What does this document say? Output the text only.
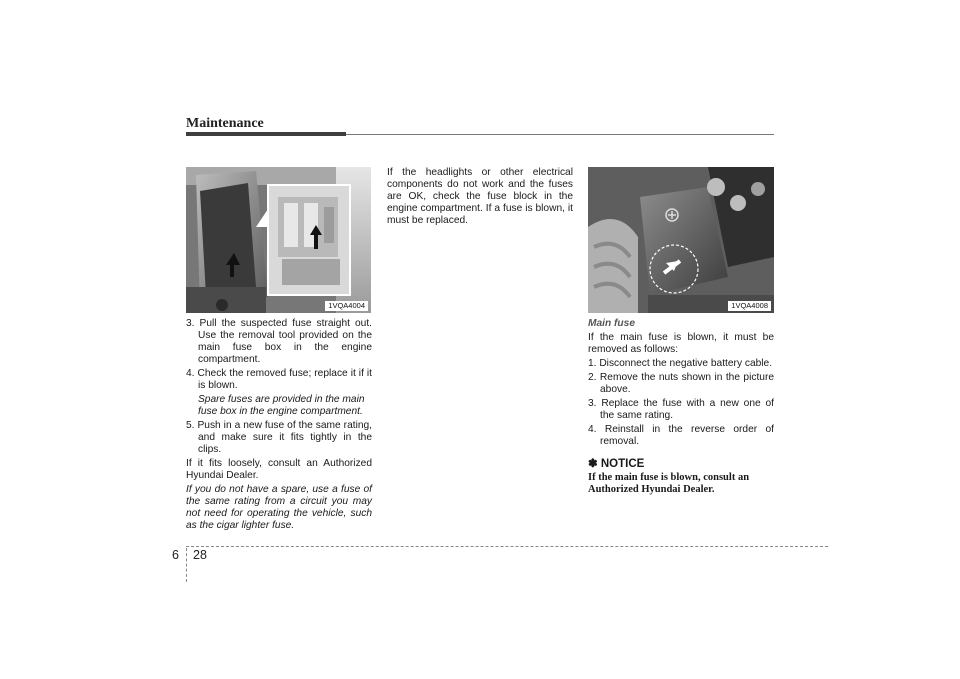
Maintenance
1VQA4004	1VQA4008

3. Pull the suspected fuse straight out. Use the removal tool provided on the main fuse box in the engine compartment.

4. Check the removed fuse; replace it if it is blown.

Spare fuses are provided in the main fuse box in the engine compartment.

5. Push in a new fuse of the same rating, and make sure it fits tightly in the clips.

If it fits loosely, consult an Authorized Hyundai Dealer.

If you do not have a spare, use a fuse of the same rating from a circuit you may not need for operating the vehicle, such as the cigar lighter fuse.

If the headlights or other electrical components do not work and the fuses are OK, check the fuse block in the engine compartment. If a fuse is blown, it must be replaced.

Main fuse

If the main fuse is blown, it must be removed as follows:

1. Disconnect the negative battery cable.

2. Remove the nuts shown in the picture above.

3. Replace the fuse with a new one of the same rating.

4. Reinstall in the reverse order of removal.

✽ NOTICE
If the main fuse is blown, consult an Authorized Hyundai Dealer.
6 28
